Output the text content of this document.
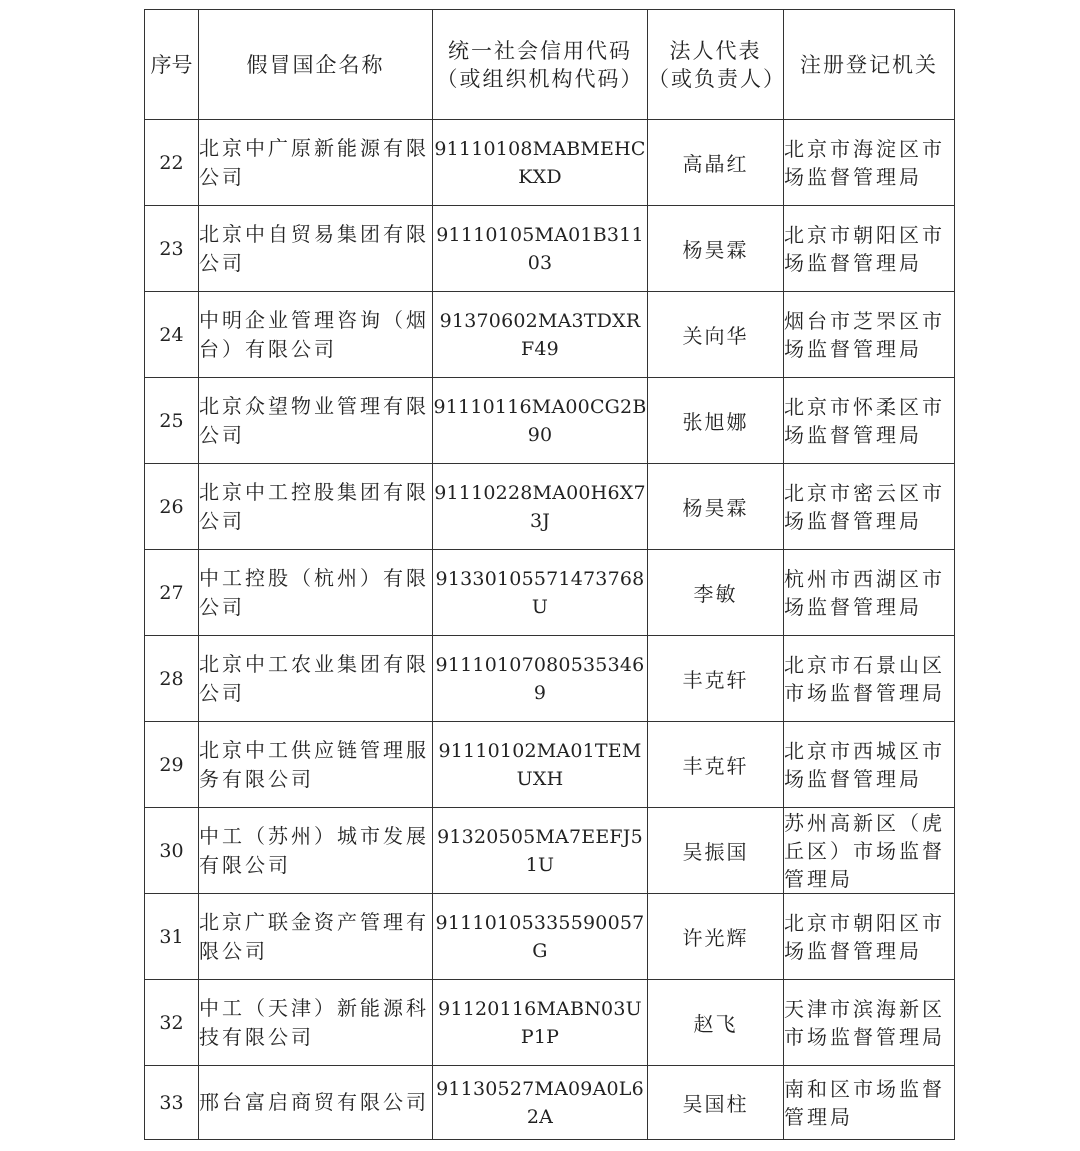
序号	假冒国企名称	统一社会信用代码（或组织机构代码）	法人代表（或负责人）	注册登记机关
22	北京中广原新能源有限公司	91110108MABMEHCKXD	高晶红	北京市海淀区市场监督管理局
23	北京中自贸易集团有限公司	91110105MA01B31103	杨昊霖	北京市朝阳区市场监督管理局
24	中明企业管理咨询（烟台）有限公司	91370602MA3TDXRF49	关向华	烟台市芝罘区市场监督管理局
25	北京众望物业管理有限公司	91110116MA00CG2B90	张旭娜	北京市怀柔区市场监督管理局
26	北京中工控股集团有限公司	91110228MA00H6X73J	杨昊霖	北京市密云区市场监督管理局
27	中工控股（杭州）有限公司	91330105571473768U	李敏	杭州市西湖区市场监督管理局
28	北京中工农业集团有限公司	911101070805353469	丰克轩	北京市石景山区市场监督管理局
29	北京中工供应链管理服务有限公司	91110102MA01TEMUXH	丰克轩	北京市西城区市场监督管理局
30	中工（苏州）城市发展有限公司	91320505MA7EEFJ51U	吴振国	苏州高新区（虎丘区）市场监督管理局
31	北京广联金资产管理有限公司	91110105335590057G	许光辉	北京市朝阳区市场监督管理局
32	中工（天津）新能源科技有限公司	91120116MABN03UP1P	赵飞	天津市滨海新区市场监督管理局
33	邢台富启商贸有限公司	91130527MA09A0L62A	吴国柱	南和区市场监督管理局
